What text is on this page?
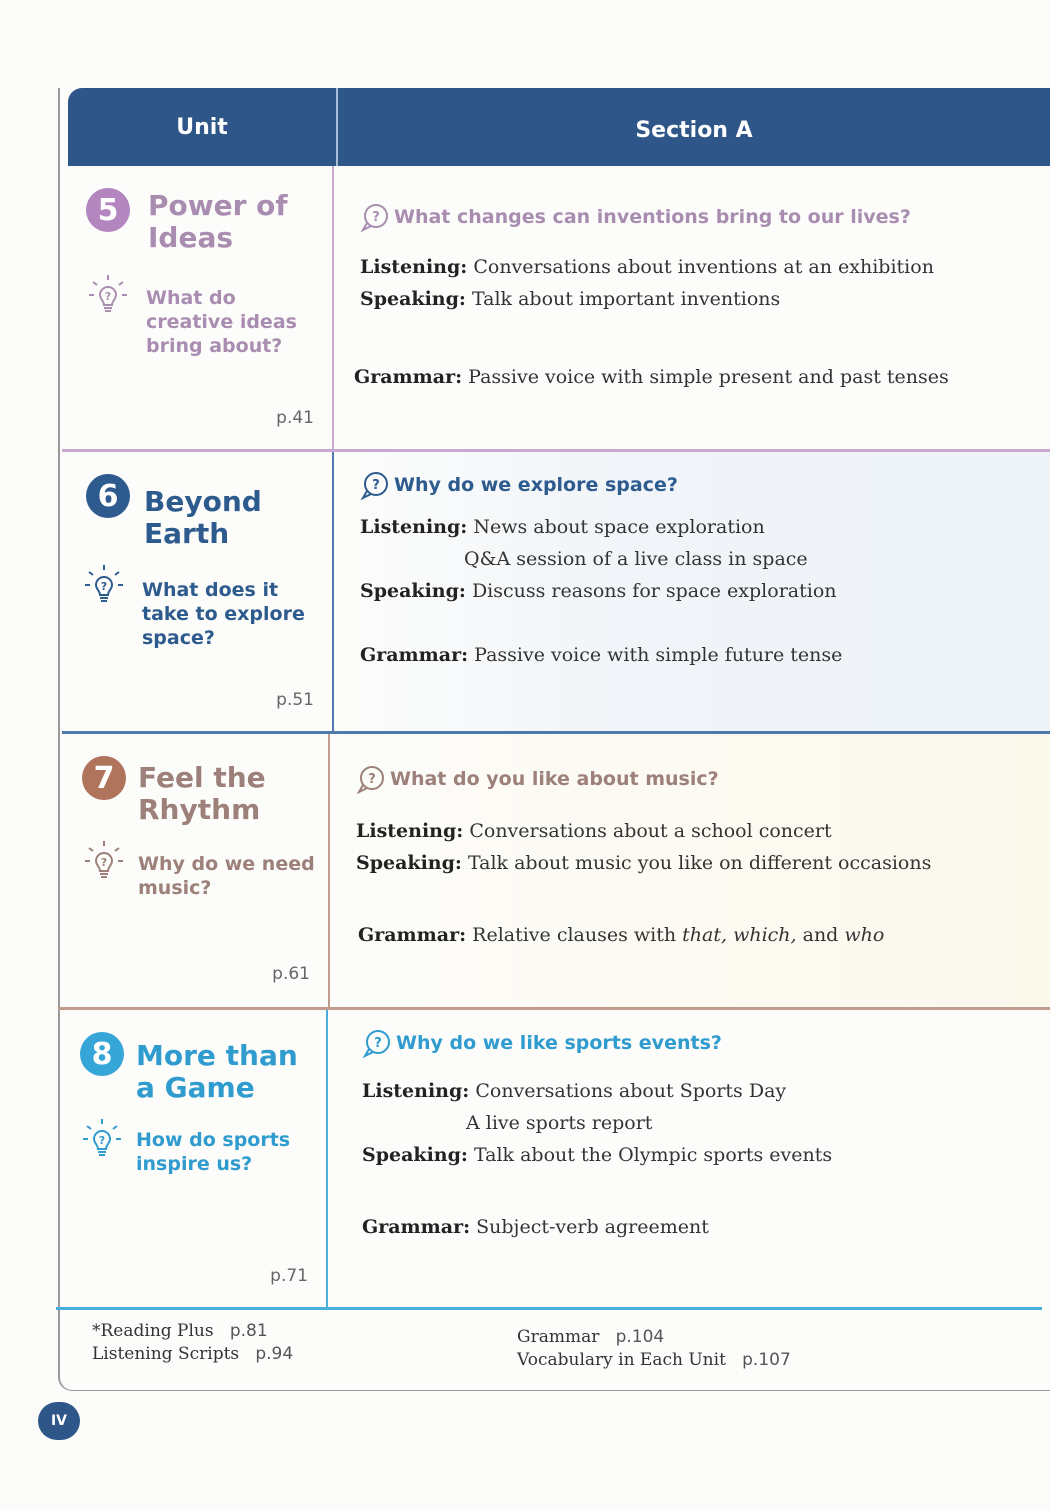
Unit	Section A
5	Power of Ideas
? What do creative ideas bring about?
p.41
? What changes can inventions bring to our lives?
Listening: Conversations about inventions at an exhibition
Speaking: Talk about important inventions
Grammar: Passive voice with simple present and past tenses
6 Beyond Earth
? What does it take to explore space?
p.51
? Why do we explore space?
Listening: News about space exploration
Q&A session of a live class in space
Speaking: Discuss reasons for space exploration
Grammar: Passive voice with simple future tense
7 Feel the Rhythm
? Why do we need music?
p.61
? What do you like about music?
Listening: Conversations about a school concert
Speaking: Talk about music you like on different occasions
Grammar: Relative clauses with that, which, and who
8 More than a Game
? How do sports inspire us?
p.71
? Why do we like sports events?
Listening: Conversations about Sports Day
A live sports report
Speaking: Talk about the Olympic sports events
Grammar: Subject-verb agreement
*Reading Plus p.81
Listening Scripts p.94
Grammar p.104
Vocabulary in Each Unit p.107
IV
